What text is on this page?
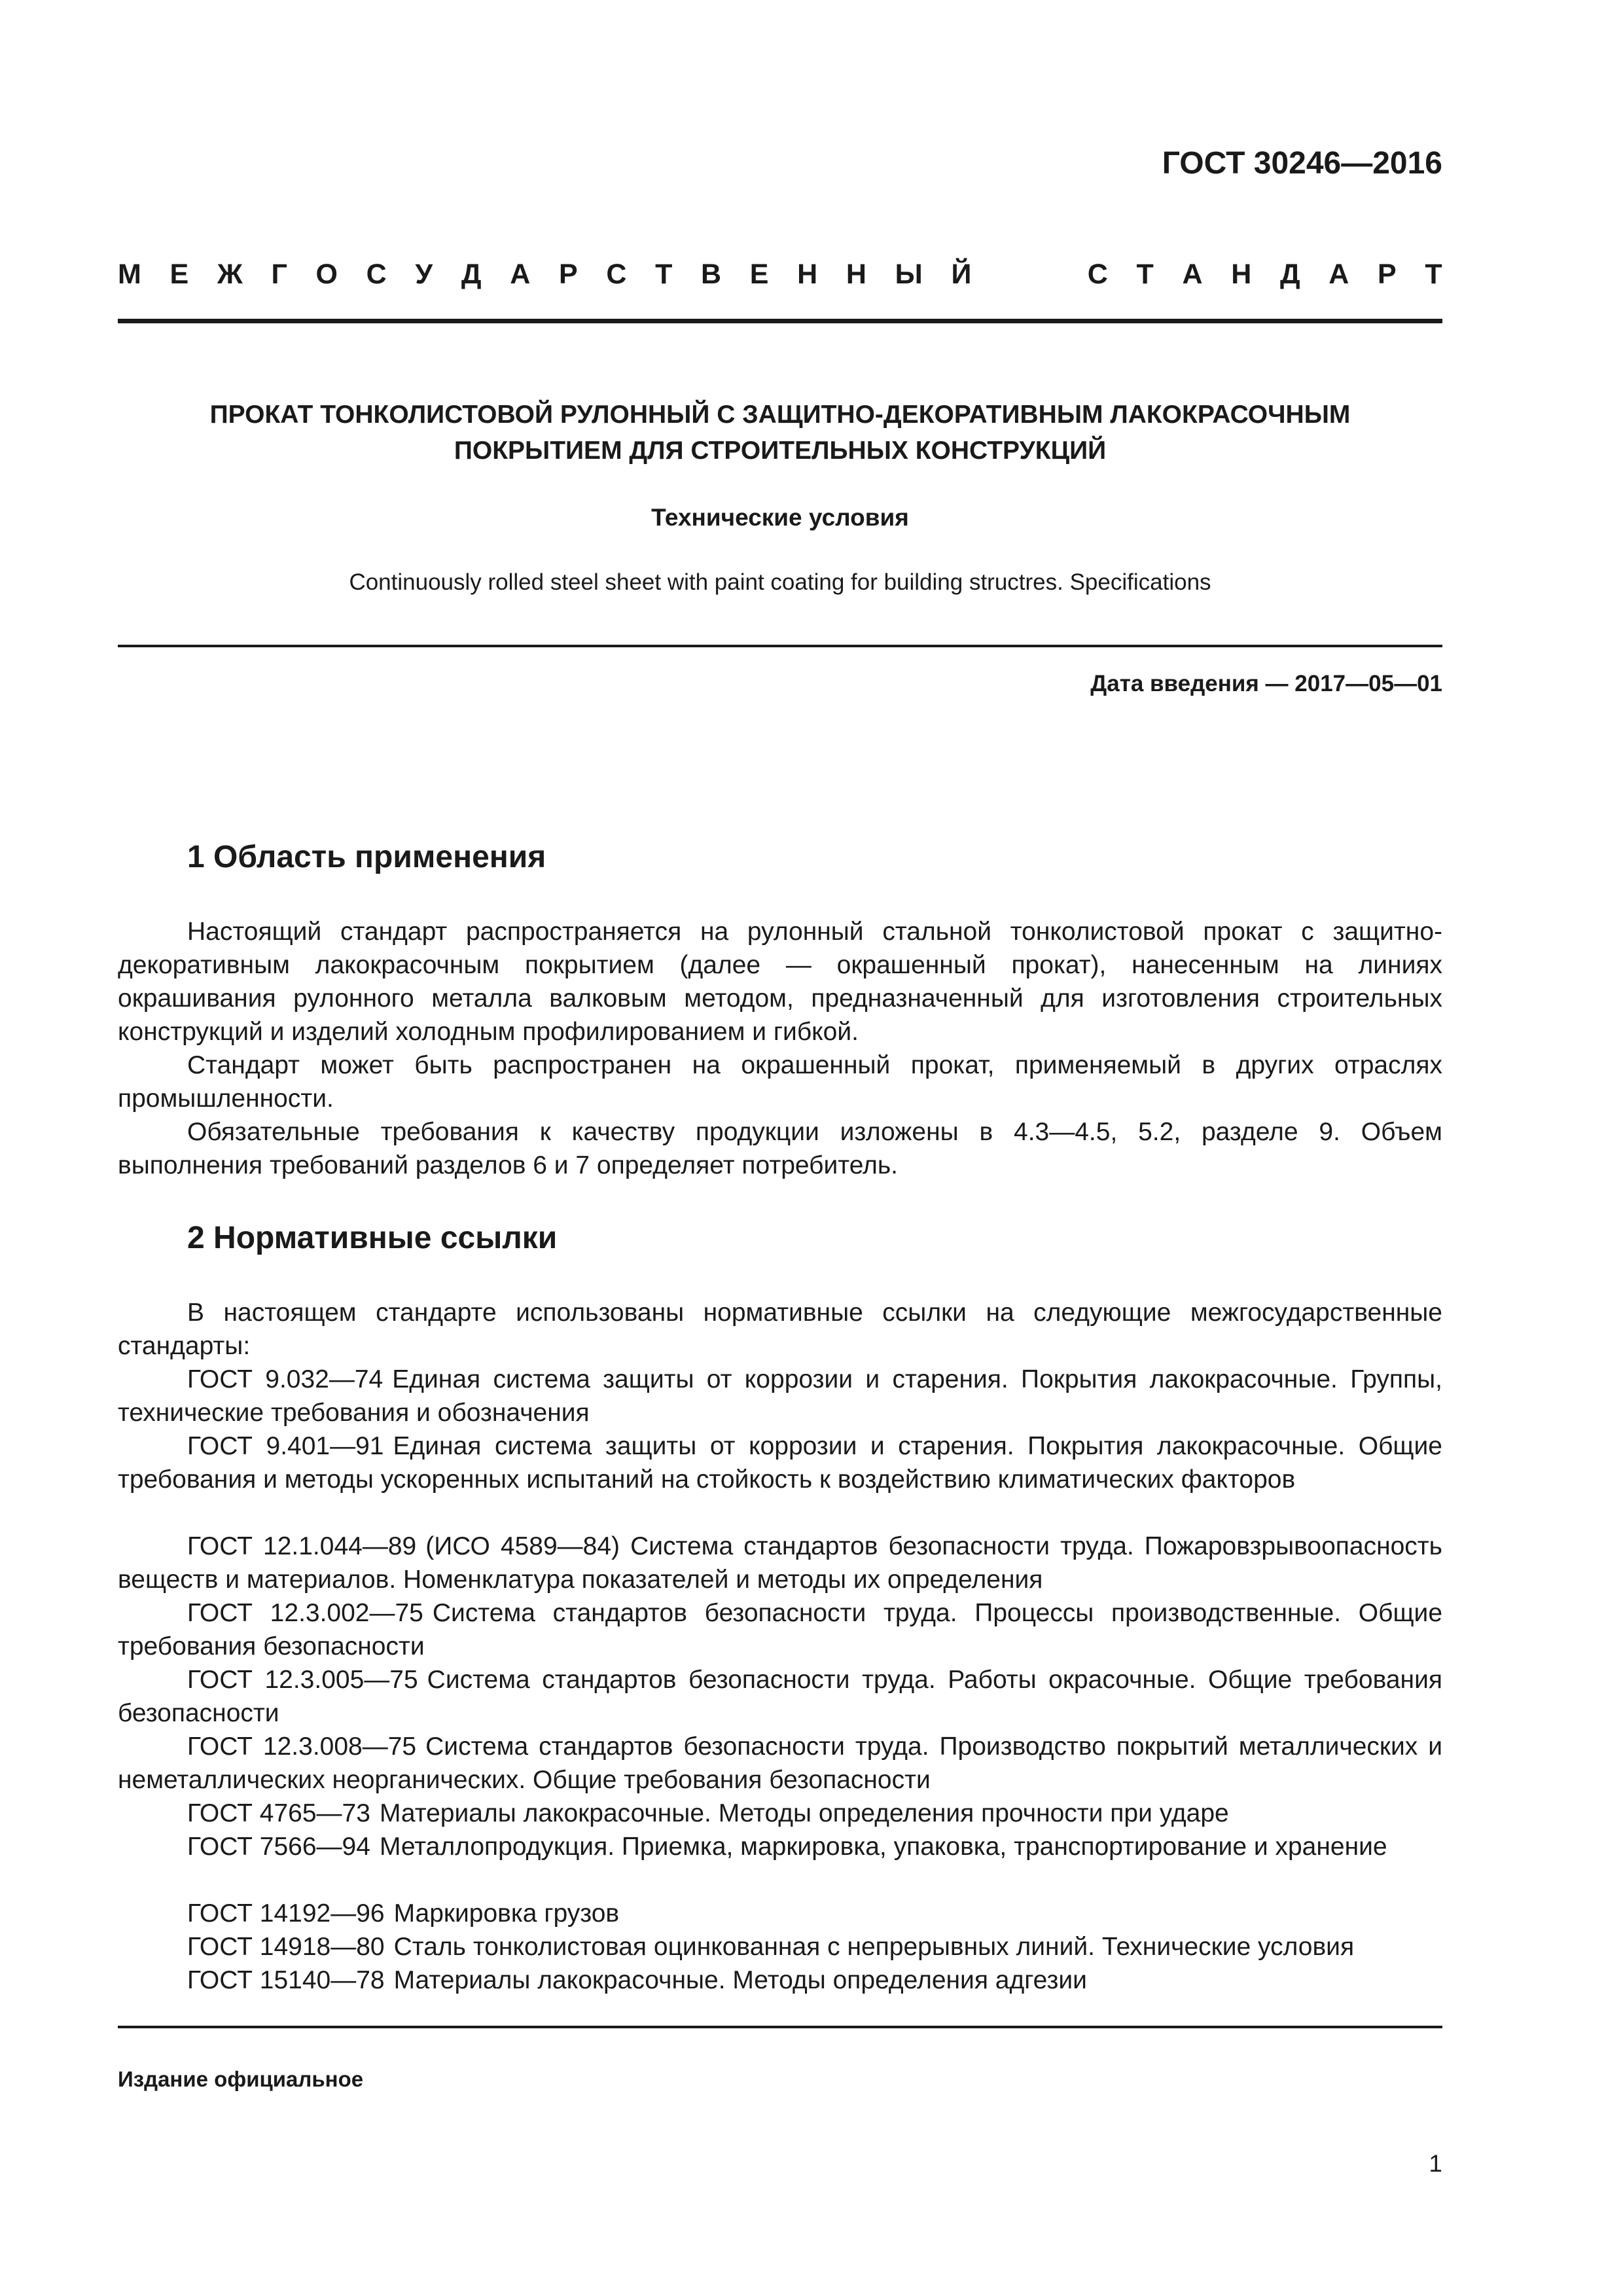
ГОСТ 30246—2016
М Е Ж Г О С У Д А Р С Т В Е Н Н Ы Й	С Т А Н Д А Р Т
ПРОКАТ ТОНКОЛИСТОВОЙ РУЛОННЫЙ С ЗАЩИТНО-ДЕКОРАТИВНЫМ ЛАКОКРАСОЧНЫМ
ПОКРЫТИЕМ ДЛЯ СТРОИТЕЛЬНЫХ КОНСТРУКЦИЙ
Технические условия
Continuously rolled steel sheet with paint coating for building structres. Specifications
Дата введения — 2017—05—01
1 Область применения

Настоящий стандарт распространяется на рулонный стальной тонколистовой прокат с защитно-декоративным лакокрасочным покрытием (далее — окрашенный прокат), нанесенным на линиях окрашивания рулонного металла валковым методом, предназначенный для изготовления строительных конструкций и изделий холодным профилированием и гибкой.

Стандарт может быть распространен на окрашенный прокат, применяемый в других отраслях промышленности.

Обязательные требования к качеству продукции изложены в 4.3—4.5, 5.2, разделе 9. Объем выполнения требований разделов 6 и 7 определяет потребитель.

2 Нормативные ссылки

В настоящем стандарте использованы нормативные ссылки на следующие межгосударственные стандарты:

ГОСТ 9.032—74 Единая система защиты от коррозии и старения. Покрытия лакокрасочные. Группы, технические требования и обозначения

ГОСТ 9.401—91 Единая система защиты от коррозии и старения. Покрытия лакокрасочные. Общие требования и методы ускоренных испытаний на стойкость к воздействию климатических факторов

ГОСТ 12.1.044—89 (ИСО 4589—84) Система стандартов безопасности труда. Пожаровзрывоопасность веществ и материалов. Номенклатура показателей и методы их определения

ГОСТ 12.3.002—75 Система стандартов безопасности труда. Процессы производственные. Общие требования безопасности

ГОСТ 12.3.005—75 Система стандартов безопасности труда. Работы окрасочные. Общие требования безопасности

ГОСТ 12.3.008—75 Система стандартов безопасности труда. Производство покрытий металлических и неметаллических неорганических. Общие требования безопасности

ГОСТ 4765—73 Материалы лакокрасочные. Методы определения прочности при ударе

ГОСТ 7566—94 Металлопродукция. Приемка, маркировка, упаковка, транспортирование и хранение

ГОСТ 14192—96 Маркировка грузов

ГОСТ 14918—80 Сталь тонколистовая оцинкованная с непрерывных линий. Технические условия

ГОСТ 15140—78 Материалы лакокрасочные. Методы определения адгезии

Издание официальное
1
